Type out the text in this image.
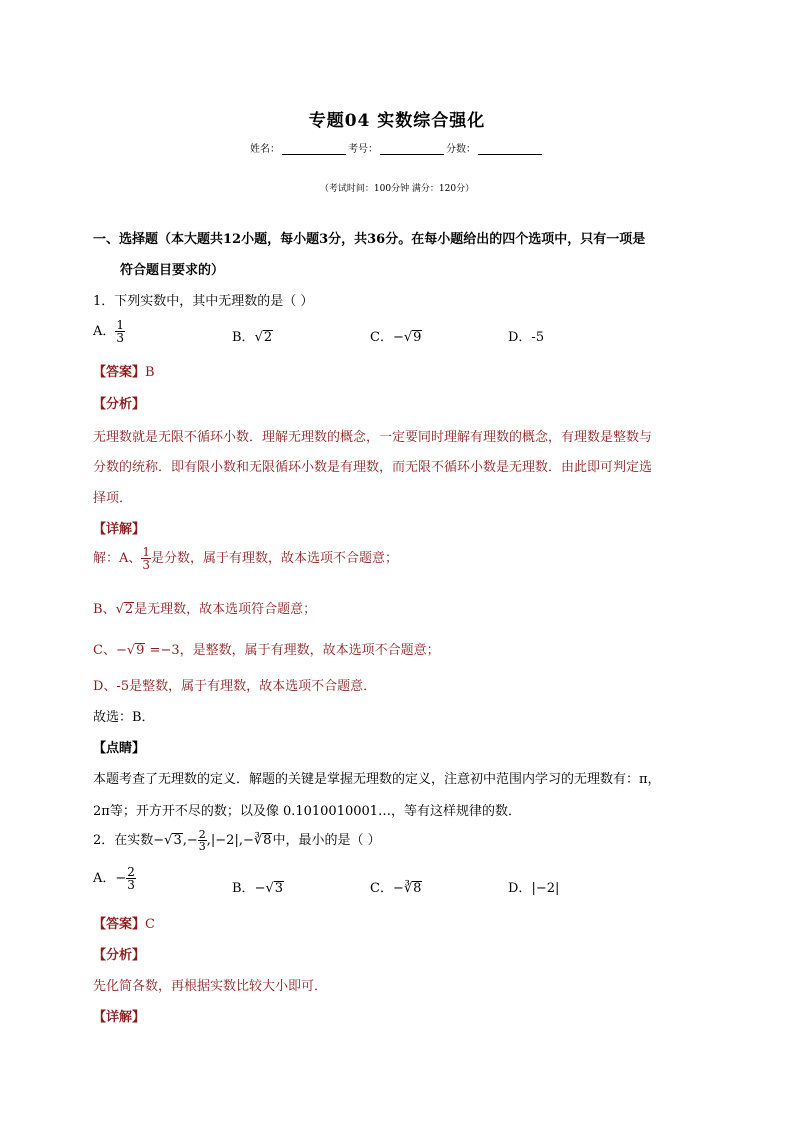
专题04 实数综合强化
姓名：	考号：	分数：
（考试时间：100分钟 满分：120分）
一、选择题（本大题共12小题，每小题3分，共36分。在每小题给出的四个选项中，只有一项是
符合题目要求的）
1．下列实数中，其中无理数的是（ ）
A． $\frac{1}{3}$	B．√2	C．−√9	D．-5
【答案】B
【分析】
无理数就是无限不循环小数．理解无理数的概念，一定要同时理解有理数的概念，有理数是整数与
分数的统称．即有限小数和无限循环小数是有理数，而无限不循环小数是无理数．由此即可判定选
择项．
【详解】
解：A、 $\frac{1}{3}$ 是分数，属于有理数，故本选项不合题意；
B、√2是无理数，故本选项符合题意；
C、−√9 =−3，是整数，属于有理数，故本选项不合题意；
D、-5是整数，属于有理数，故本选项不合题意．
故选：B．
【点睛】
本题考查了无理数的定义．解题的关键是掌握无理数的定义，注意初中范围内学习的无理数有：π，
2π等；开方开不尽的数；以及像 0.1010010001…，等有这样规律的数．
2．在实数$-√3,- \frac{2}{3}$ ,|−2|,−∛8中，最小的是（ ）
A．− $\frac{2}{3}$	B．−√3	C．−∛8	D．|−2|
【答案】C
【分析】
先化简各数，再根据实数比较大小即可．
【详解】
